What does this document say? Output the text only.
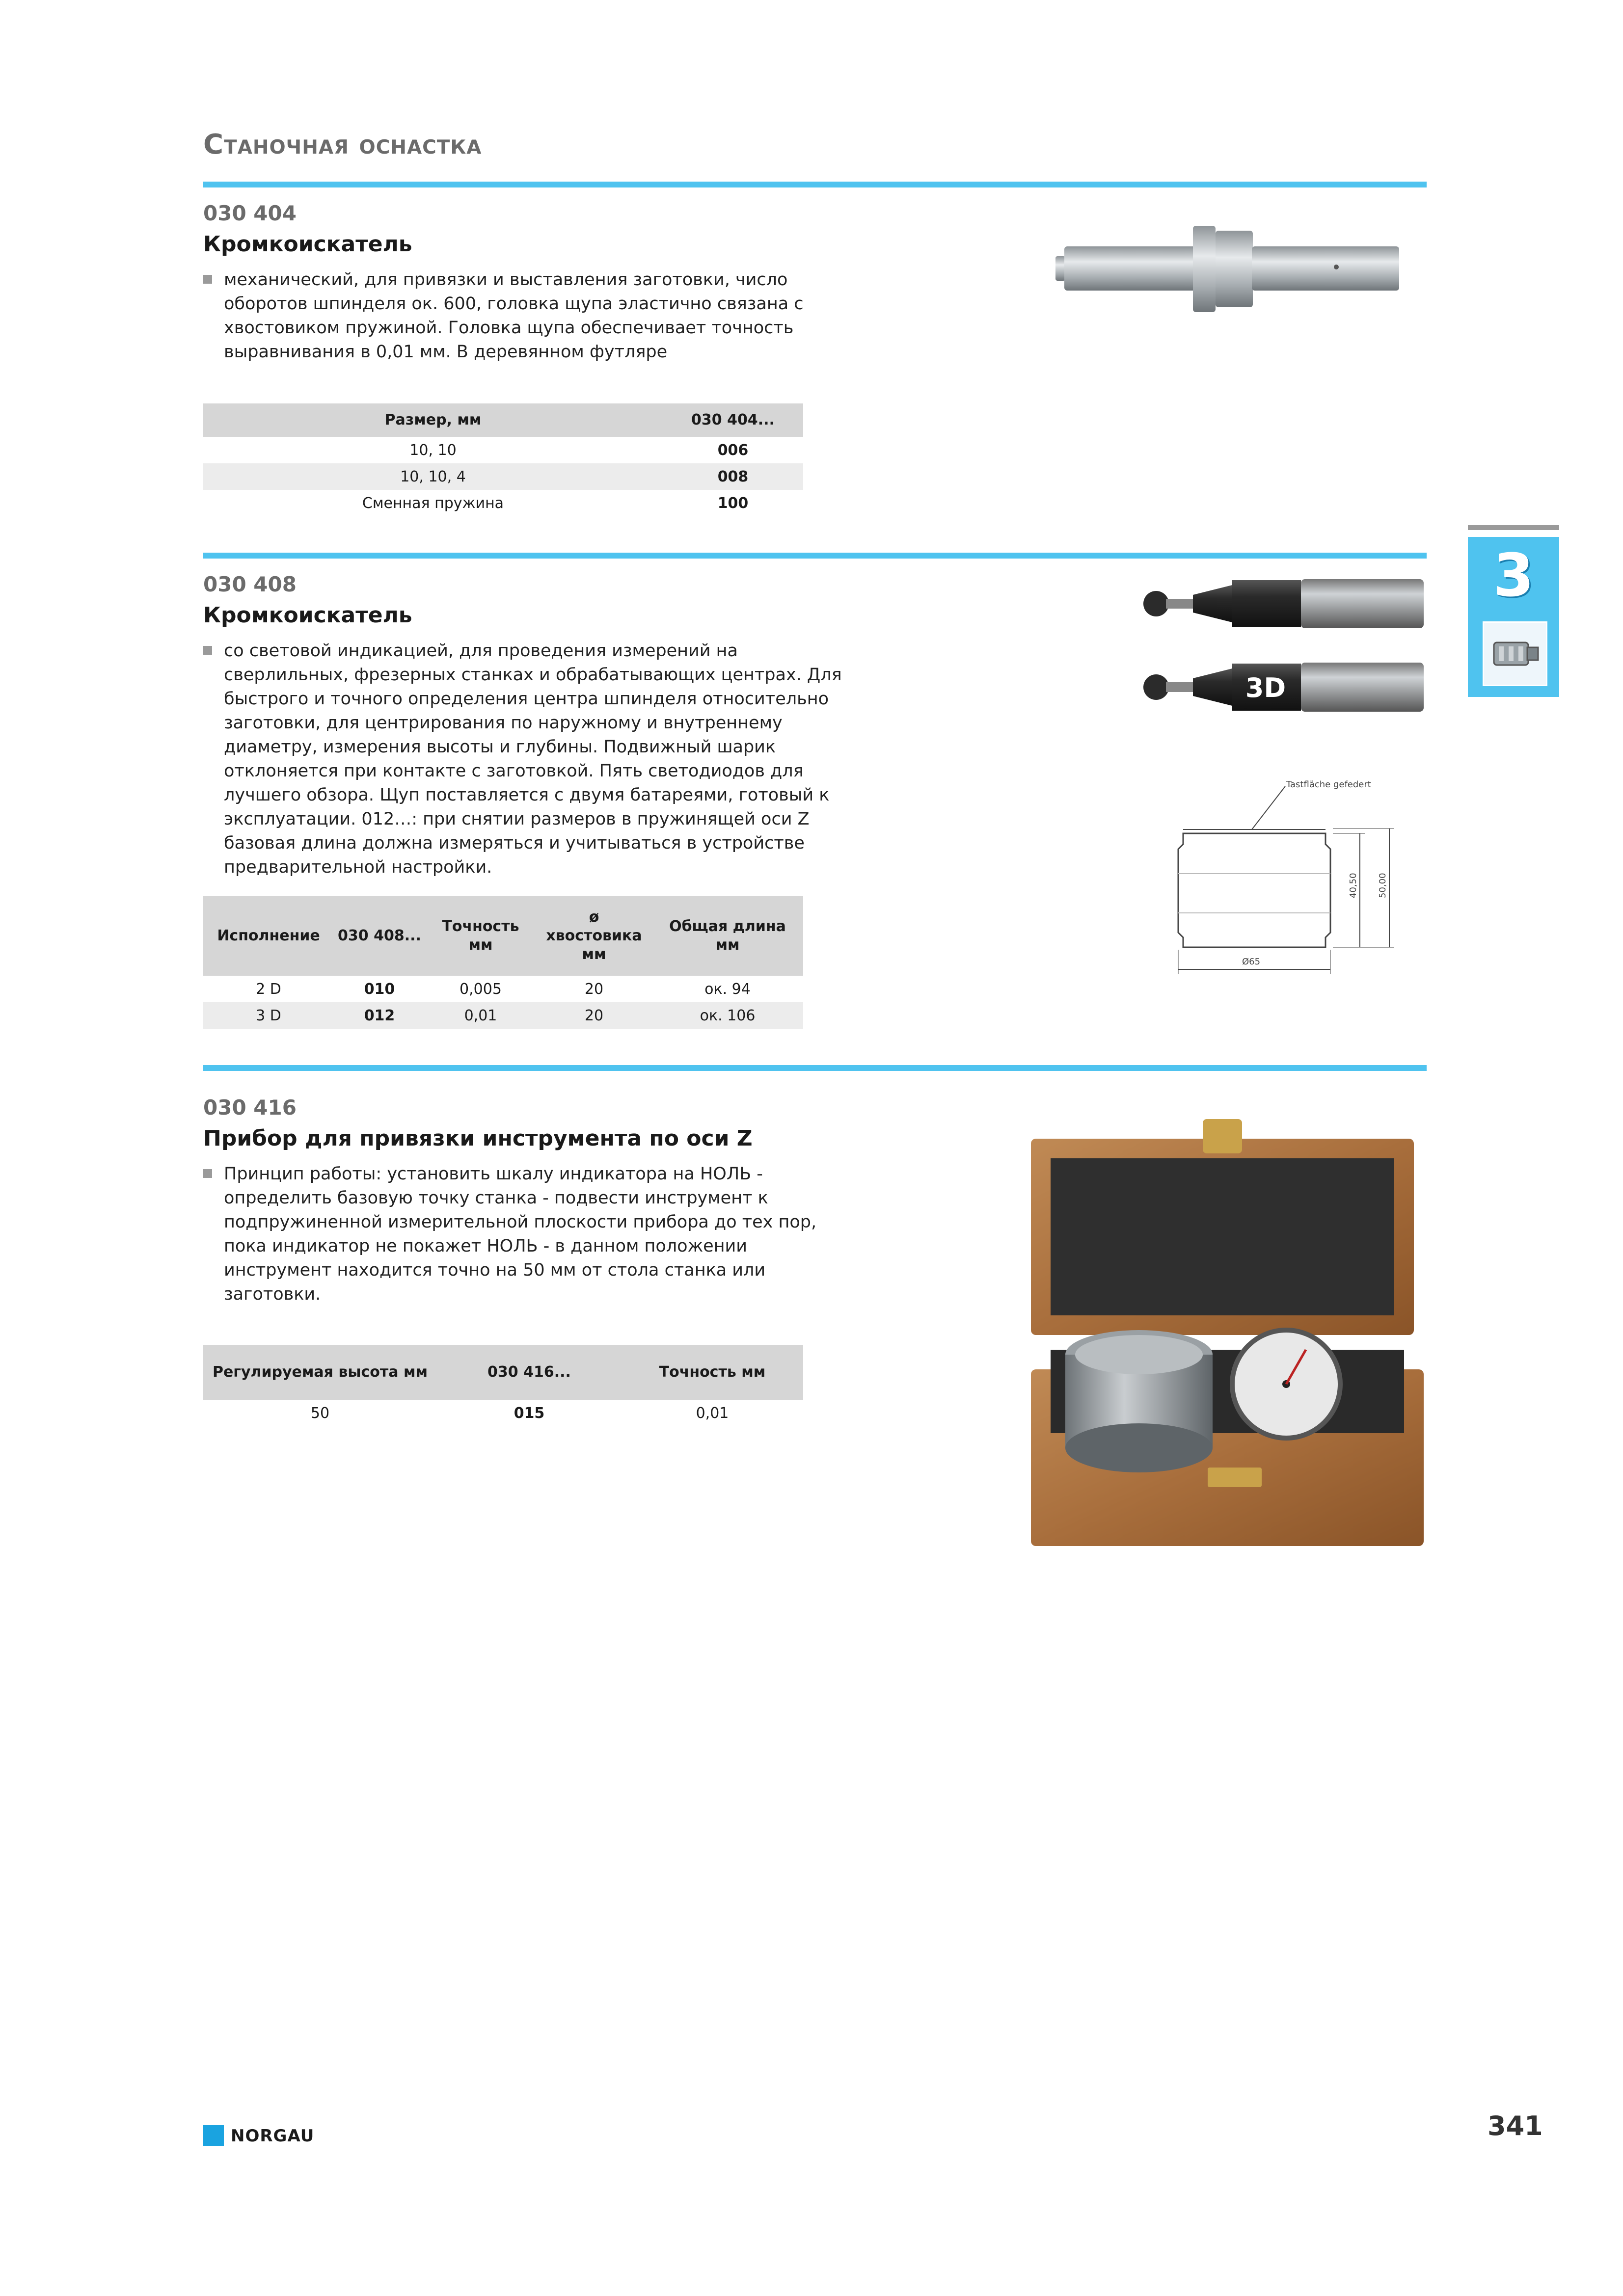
Станочная оснастка
3
030 404
Кромкоискатель
механический, для привязки и выставления заготовки, число оборотов шпинделя ок. 600, головка щупа эластично связана с хвостовиком пружиной. Головка щупа обеспечивает точность выравнивания в 0,01 мм. В деревянном футляре
Размер, мм	030 404...
10, 10	006
10, 10, 4	008
Сменная пружина	100
030 408
Кромкоискатель
со световой индикацией, для проведения измерений на сверлильных, фрезерных станках и обрабатывающих центрах. Для быстрого и точного определения центра шпинделя относительно заготовки, для центрирования по наружному и внутреннему диаметру, измерения высоты и глубины. Подвижный шарик отклоняется при контакте с заготовкой. Пять светодиодов для лучшего обзора. Щуп поставляется с двумя батареями, готовый к эксплуатации. 012…: при снятии размеров в пружинящей оси Z базовая длина должна измеряться и учитываться в устройстве предварительной настройки.
Исполнение	030 408...	Точность мм	ø хвостовика мм	Общая длина мм
2 D	010	0,005	20	ок. 94
3 D	012	0,01	20	ок. 106
3D
Tastfläche gefedert
40,50 50,00
Ø65
030 416
Прибор для привязки инструмента по оси Z
Принцип работы: установить шкалу индикатора на НОЛЬ - определить базовую точку станка - подвести инструмент к подпружиненной измерительной плоскости прибора до тех пор, пока индикатор не покажет НОЛЬ - в данном положении инструмент находится точно на 50 мм от стола станка или заготовки.
Регулируемая высота мм	030 416...	Точность мм
50	015	0,01
NORGAU	341
